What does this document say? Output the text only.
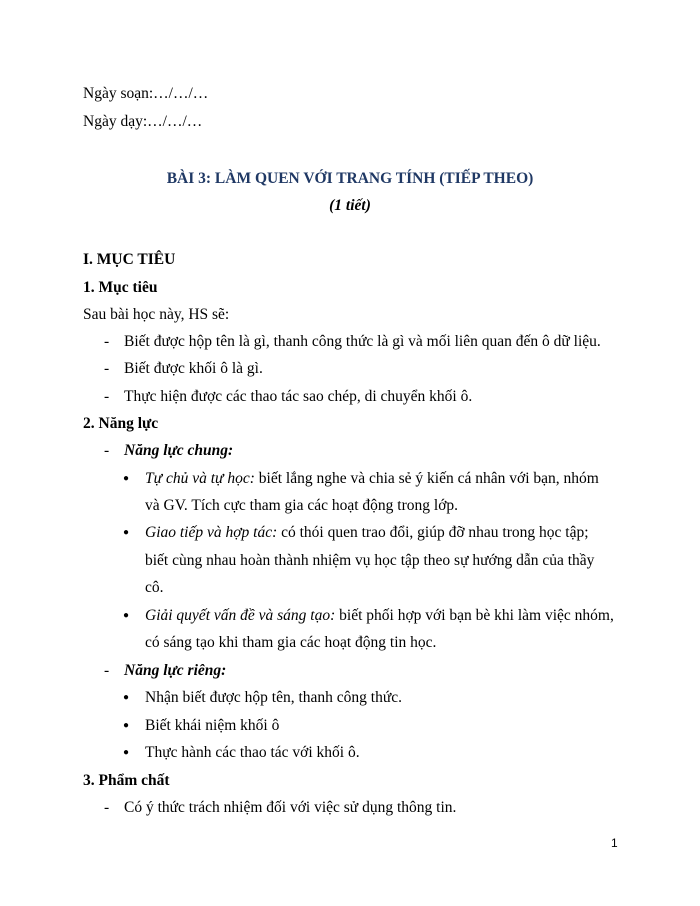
Ngày soạn:…/…/…
Ngày dạy:…/…/…
BÀI 3: LÀM QUEN VỚI TRANG TÍNH (TIẾP THEO)
(1 tiết)
I. MỤC TIÊU
1. Mục tiêu
Sau bài học này, HS sẽ:
- Biết được hộp tên là gì, thanh công thức là gì và mối liên quan đến ô dữ liệu.
- Biết được khối ô là gì.
- Thực hiện được các thao tác sao chép, di chuyển khối ô.
2. Năng lực
- Năng lực chung:
● Tự chủ và tự học: biết lắng nghe và chia sẻ ý kiến cá nhân với bạn, nhóm
và GV. Tích cực tham gia các hoạt động trong lớp.
● Giao tiếp và hợp tác: có thói quen trao đổi, giúp đỡ nhau trong học tập;
biết cùng nhau hoàn thành nhiệm vụ học tập theo sự hướng dẫn của thầy
cô.
● Giải quyết vấn đề và sáng tạo: biết phối hợp với bạn bè khi làm việc nhóm,
có sáng tạo khi tham gia các hoạt động tin học.
- Năng lực riêng:
● Nhận biết được hộp tên, thanh công thức.
● Biết khái niệm khối ô
● Thực hành các thao tác với khối ô.
3. Phẩm chất
- Có ý thức trách nhiệm đối với việc sử dụng thông tin.
1
